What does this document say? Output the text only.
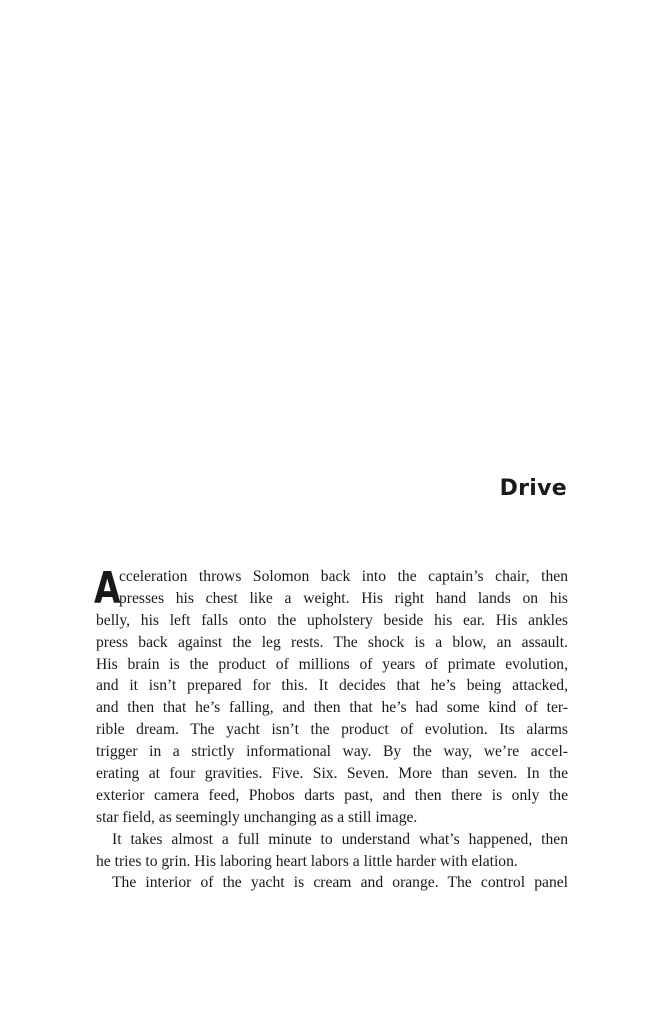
Drive
A
cceleration throws Solomon back into the captain’s chair, then
presses his chest like a weight. His right hand lands on his
belly, his left falls onto the upholstery beside his ear. His ankles
press back against the leg rests. The shock is a blow, an assault.
His brain is the product of millions of years of primate evolution,
and it isn’t prepared for this. It decides that he’s being attacked,
and then that he’s falling, and then that he’s had some kind of ter-
rible dream. The yacht isn’t the product of evolution. Its alarms
trigger in a strictly informational way. By the way, we’re accel-
erating at four gravities. Five. Six. Seven. More than seven. In the
exterior camera feed, Phobos darts past, and then there is only the
star field, as seemingly unchanging as a still image.
It takes almost a full minute to understand what’s happened, then
he tries to grin. His laboring heart labors a little harder with elation.
The interior of the yacht is cream and orange. The control panel
